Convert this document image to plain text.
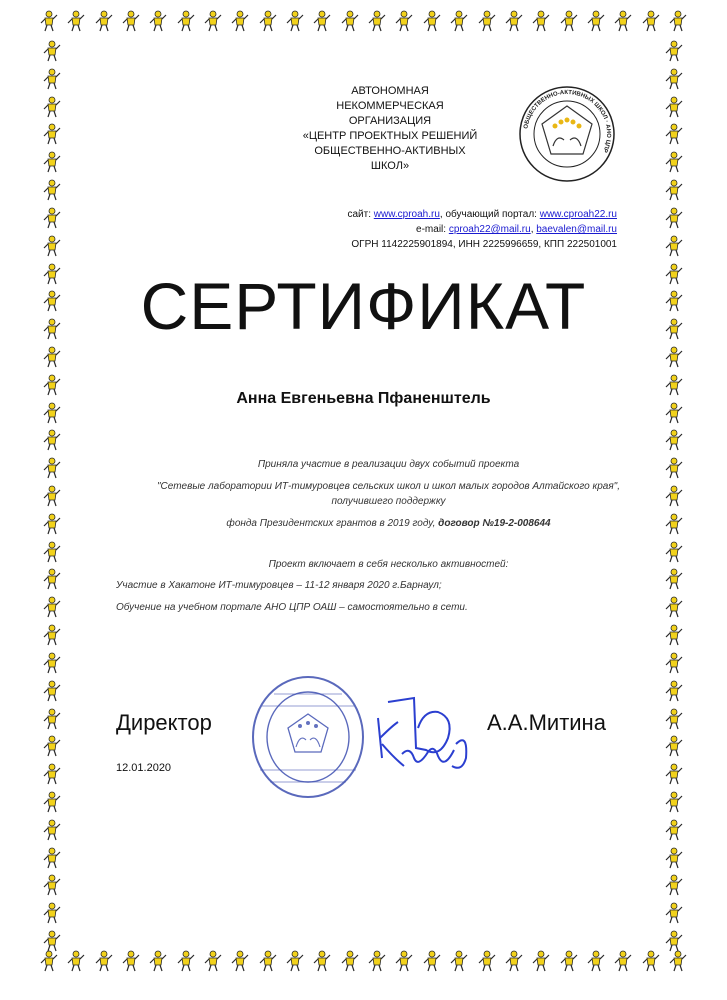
АВТОНОМНАЯ
НЕКОММЕРЧЕСКАЯ
ОРГАНИЗАЦИЯ
«ЦЕНТР ПРОЕКТНЫХ РЕШЕНИЙ
ОБЩЕСТВЕННО-АКТИВНЫХ
ШКОЛ»
ОБЩЕСТВЕННО-АКТИВНЫХ ШКОЛ · АНО ЦПР
сайт: www.cproah.ru, обучающий портал: www.cproah22.ru
e-mail: cproah22@mail.ru, baevalen@mail.ru
ОГРН 1142225901894, ИНН 2225996659, КПП 222501001
СЕРТИФИКАТ
Анна Евгеньевна Пфаненштель
Приняла участие в реализации двух событий проекта
"Сетевые лаборатории ИТ-тимуровцев сельских школ и школ малых городов Алтайского края",
получившего поддержку
фонда Президентских грантов в 2019 году, договор №19-2-008644
Проект включает в себя несколько активностей:
Участие в Хакатоне ИТ-тимуровцев – 11-12 января 2020 г.Барнаул;
Обучение на учебном портале АНО ЦПР ОАШ – самостоятельно в сети.
Директор	А.А.Митина
12.01.2020
